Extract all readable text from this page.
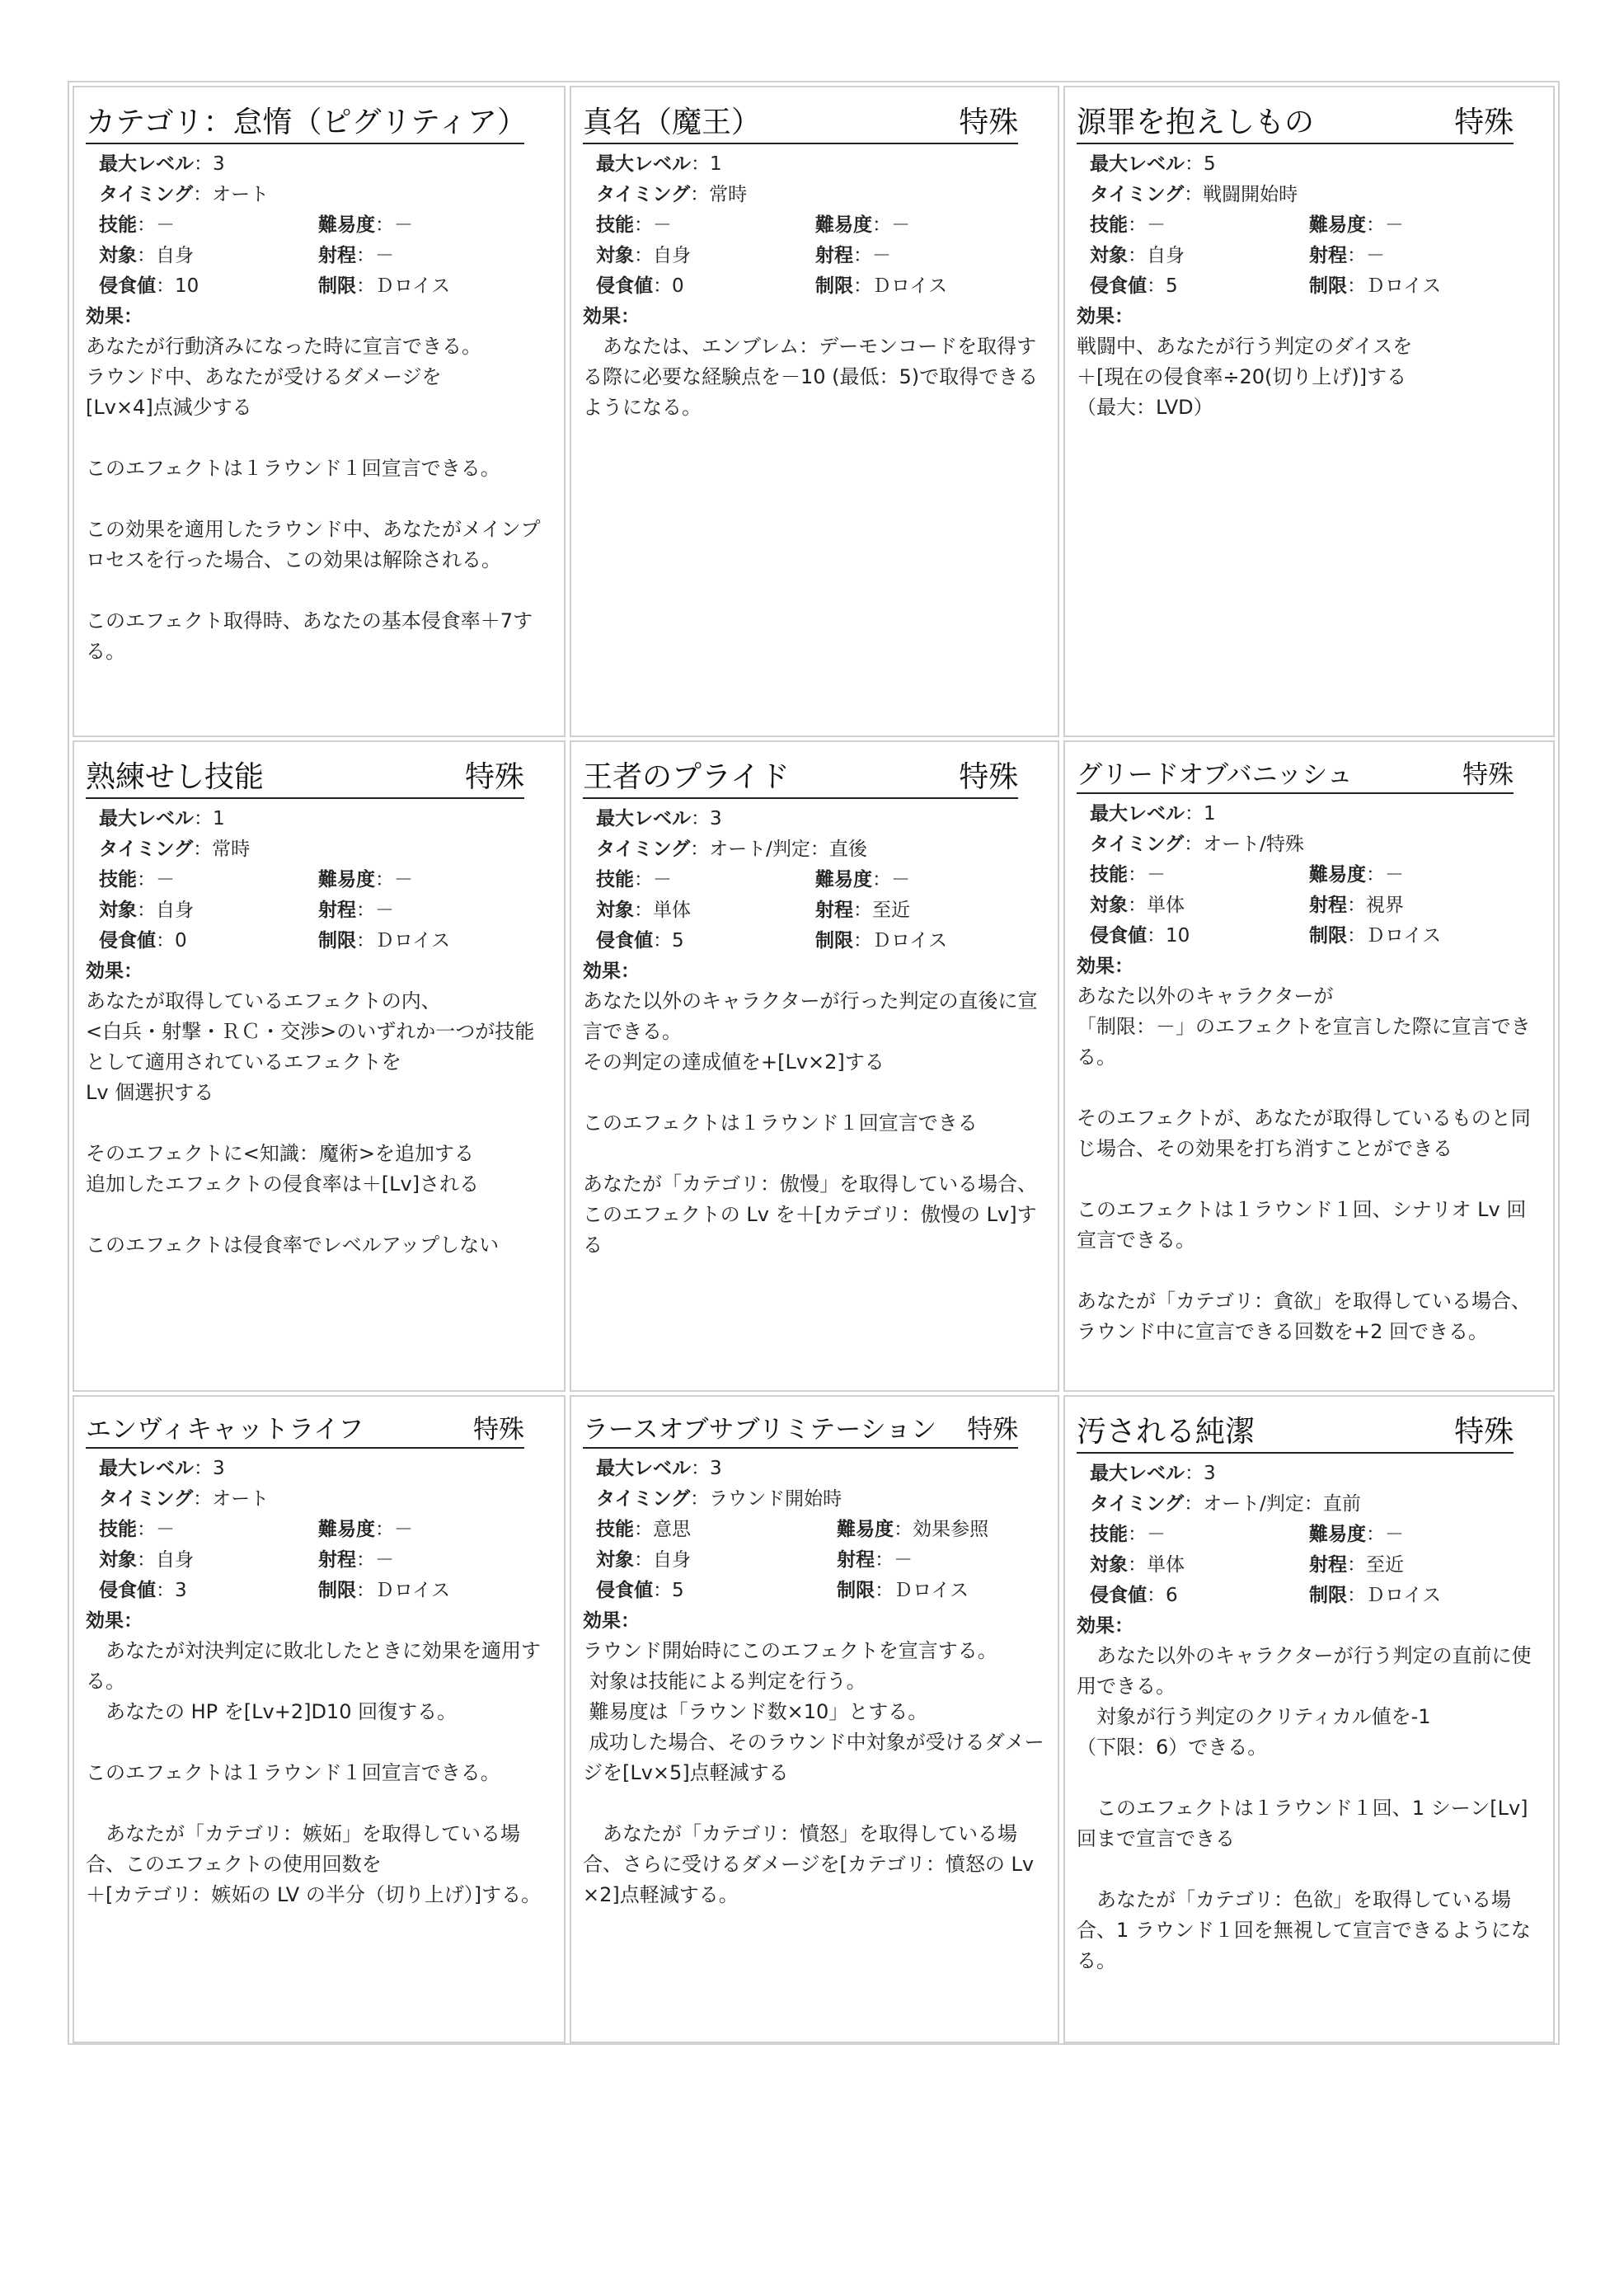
カテゴリ：怠惰（ピグリティア）
最大レベル：3
タイミング：オート
技能：－	難易度：－
対象：自身	射程：－
侵食値：10	制限：Ｄロイス
効果：
あなたが行動済みになった時に宣言できる。
ラウンド中、あなたが受けるダメージを
[Lv×4]点減少する

このエフェクトは１ラウンド１回宣言できる。

この効果を適用したラウンド中、あなたがメインプロセスを行った場合、この効果は解除される。

このエフェクト取得時、あなたの基本侵食率＋7する。
真名（魔王）	特殊
最大レベル：1
タイミング：常時
技能：－	難易度：－
対象：自身	射程：－
侵食値：0	制限：Ｄロイス
効果：
　あなたは、エンブレム：デーモンコードを取得する際に必要な経験点を－10 (最低：5)で取得できるようになる。
源罪を抱えしもの	特殊
最大レベル：5
タイミング：戦闘開始時
技能：－	難易度：－
対象：自身	射程：－
侵食値：5	制限：Ｄロイス
効果：
戦闘中、あなたが行う判定のダイスを
＋[現在の侵食率÷20(切り上げ)]する
（最大：LVD）
熟練せし技能	特殊
最大レベル：1
タイミング：常時
技能：－	難易度：－
対象：自身	射程：－
侵食値：0	制限：Ｄロイス
効果：
あなたが取得しているエフェクトの内、
<白兵・射撃・ＲＣ・交渉>のいずれか一つが技能として適用されているエフェクトを
Lv 個選択する

そのエフェクトに<知識：魔術>を追加する
追加したエフェクトの侵食率は＋[Lv]される

このエフェクトは侵食率でレベルアップしない
王者のプライド	特殊
最大レベル：3
タイミング：オート/判定：直後
技能：－	難易度：－
対象：単体	射程：至近
侵食値：5	制限：Ｄロイス
効果：
あなた以外のキャラクターが行った判定の直後に宣言できる。
その判定の達成値を+[Lv×2]する

このエフェクトは１ラウンド１回宣言できる

あなたが「カテゴリ：傲慢」を取得している場合、このエフェクトの Lv を＋[カテゴリ：傲慢の Lv]する
グリードオブバニッシュ	特殊
最大レベル：1
タイミング：オート/特殊
技能：－	難易度：－
対象：単体	射程：視界
侵食値：10	制限：Ｄロイス
効果：
あなた以外のキャラクターが
「制限：－」のエフェクトを宣言した際に宣言できる。

そのエフェクトが、あなたが取得しているものと同じ場合、その効果を打ち消すことができる

このエフェクトは１ラウンド１回、シナリオ Lv 回宣言できる。

あなたが「カテゴリ：貪欲」を取得している場合、ラウンド中に宣言できる回数を+2 回できる。
エンヴィキャットライフ	特殊
最大レベル：3
タイミング：オート
技能：－	難易度：－
対象：自身	射程：－
侵食値：3	制限：Ｄロイス
効果：
　あなたが対決判定に敗北したときに効果を適用する。
　あなたの HP を[Lv+2]D10 回復する。

このエフェクトは１ラウンド１回宣言できる。

　あなたが「カテゴリ：嫉妬」を取得している場合、このエフェクトの使用回数を
＋[カテゴリ：嫉妬の LV の半分（切り上げ）]する。
ラースオブサブリミテーション 特殊
最大レベル：3
タイミング：ラウンド開始時
技能：意思	難易度：効果参照
対象：自身	射程：－
侵食値：5	制限：Ｄロイス
効果：
ラウンド開始時にこのエフェクトを宣言する。
対象は技能による判定を行う。
難易度は「ラウンド数×10」とする。
成功した場合、そのラウンド中対象が受けるダメージを[Lv×5]点軽減する

　あなたが「カテゴリ：憤怒」を取得している場合、さらに受けるダメージを[カテゴリ：憤怒の Lv×2]点軽減する。
汚される純潔	特殊
最大レベル：3
タイミング：オート/判定：直前
技能：－	難易度：－
対象：単体	射程：至近
侵食値：6	制限：Ｄロイス
効果：
　あなた以外のキャラクターが行う判定の直前に使用できる。
　対象が行う判定のクリティカル値を-1
（下限：6）できる。

　このエフェクトは１ラウンド１回、1 シーン[Lv]回まで宣言できる

　あなたが「カテゴリ：色欲」を取得している場合、1 ラウンド１回を無視して宣言できるようになる。
